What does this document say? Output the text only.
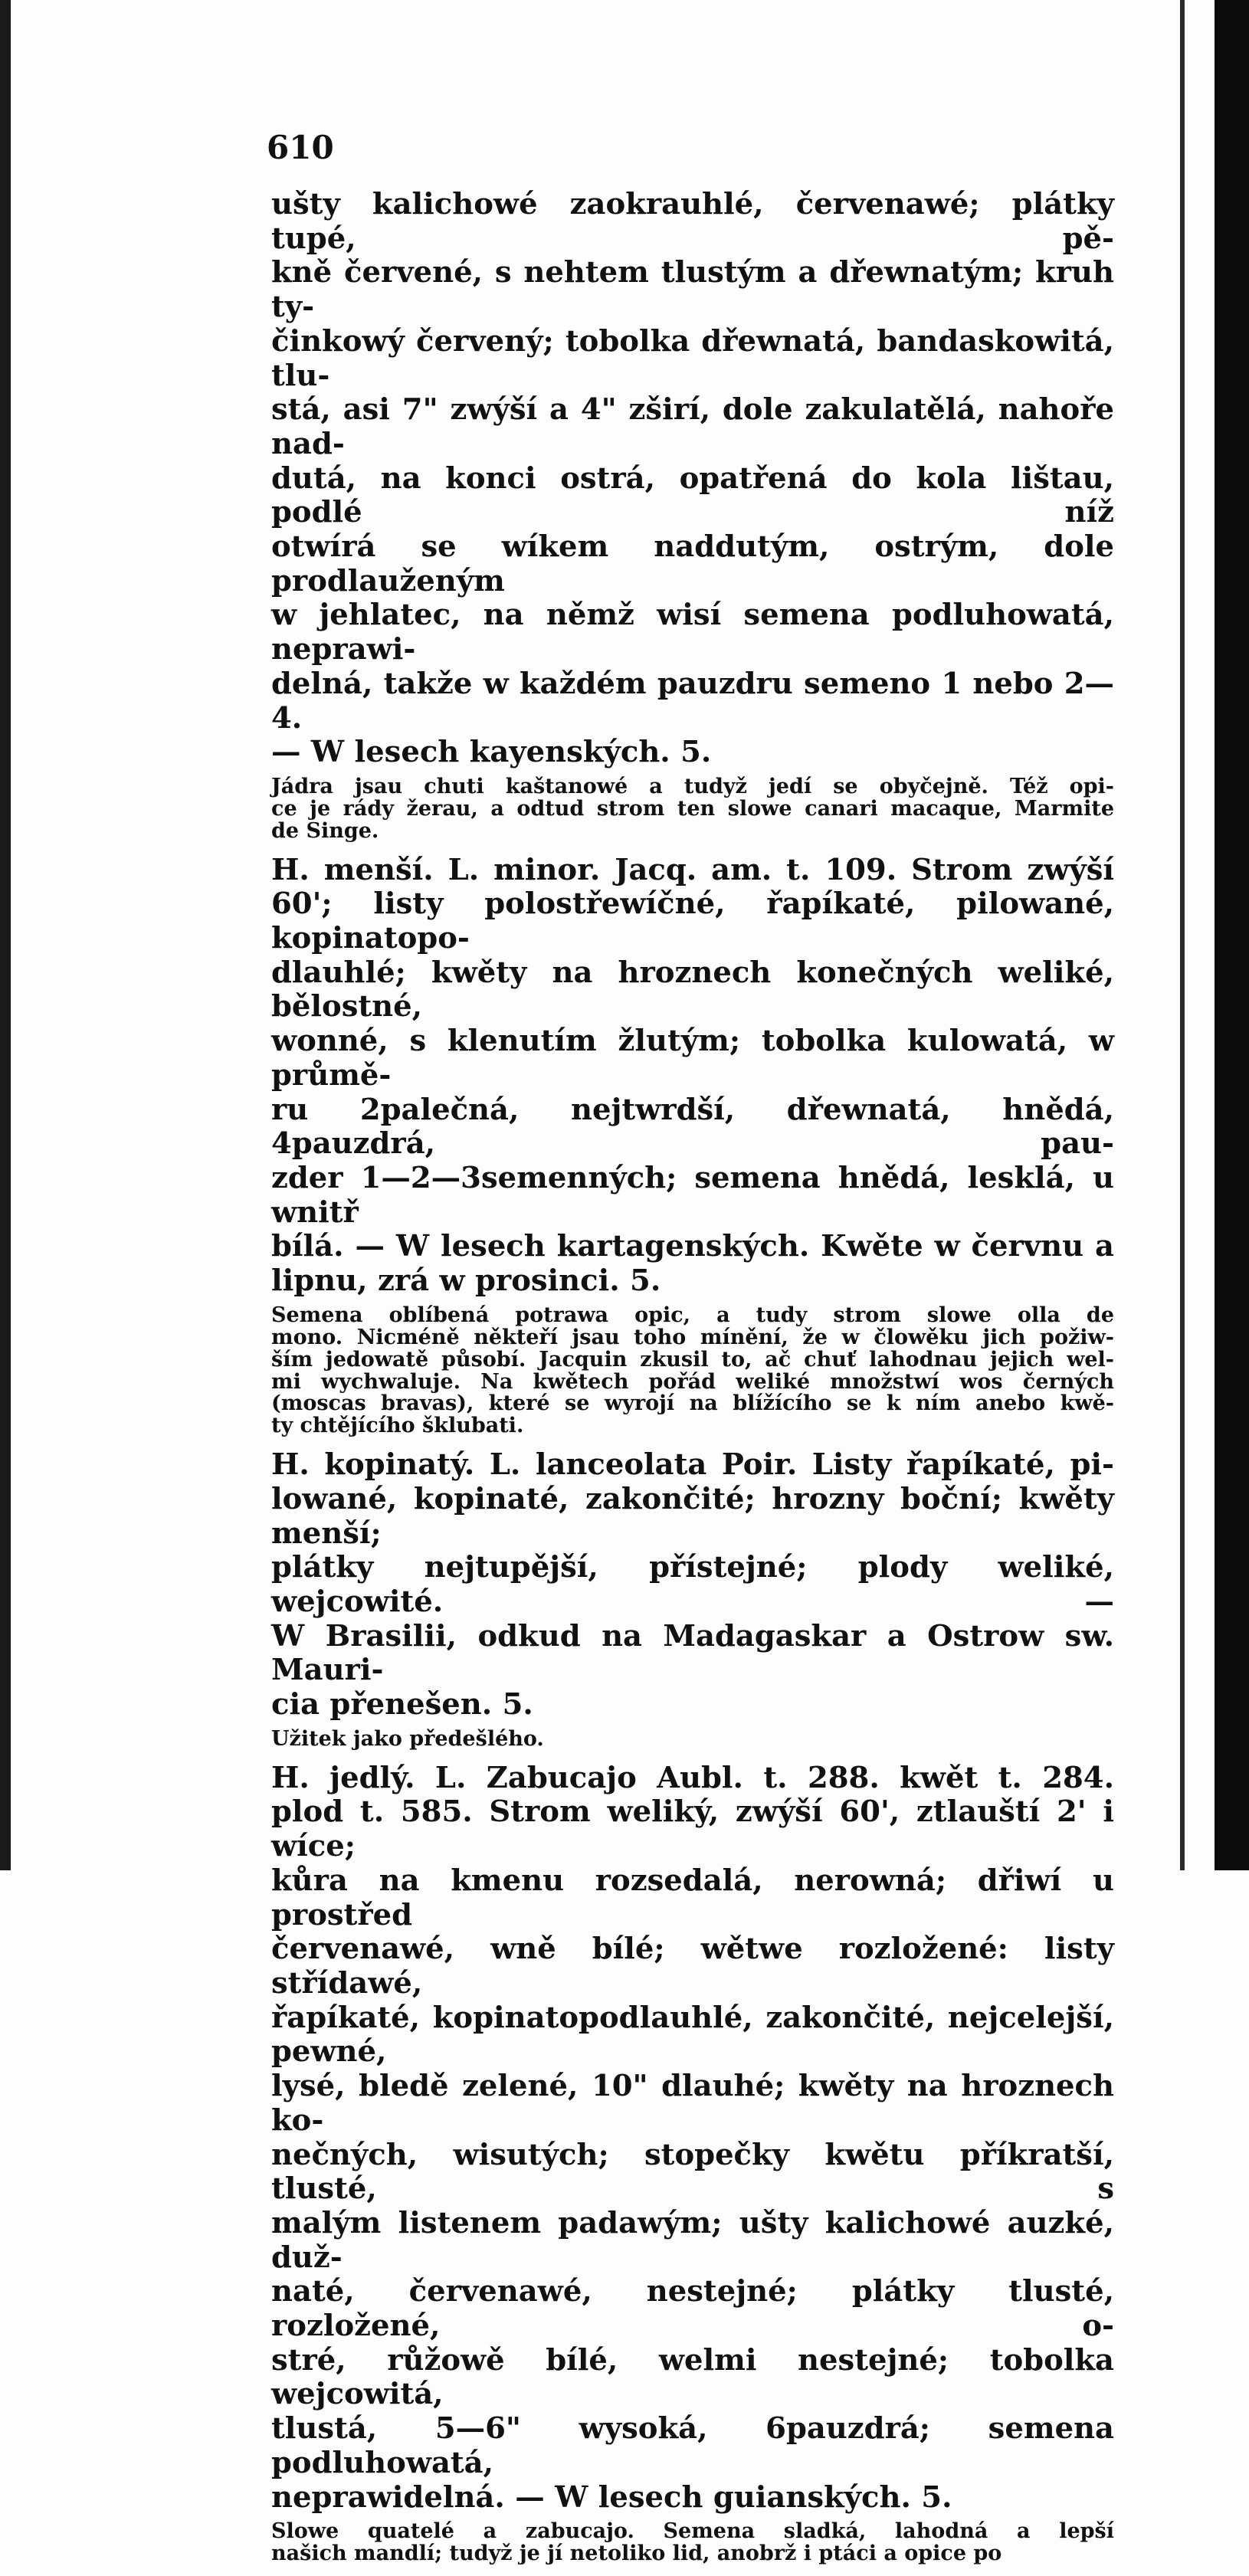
610
ušty kalichowé zaokrauhlé, červenawé; plátky tupé, pě-
kně červené, s nehtem tlustým a dřewnatým; kruh ty-
činkowý červený; tobolka dřewnatá, bandaskowitá, tlu-
stá, asi 7" zwýší a 4" zširí, dole zakulatělá, nahoře nad-
dutá, na konci ostrá, opatřená do kola lištau, podlé níž
otwírá se wíkem naddutým, ostrým, dole prodlauženým
w jehlatec, na němž wisí semena podluhowatá, neprawi-
delná, takže w každém pauzdru semeno 1 nebo 2—4.
— W lesech kayenských. 5.
Jádra jsau chuti kaštanowé a tudyž jedí se obyčejně. Též opi-
ce je rády žerau, a odtud strom ten slowe canari macaque, Marmite
de Singe.
H. menší. L. minor. Jacq. am. t. 109. Strom zwýší
60'; listy polostřewíčné, řapíkaté, pilowané, kopinatopo-
dlauhlé; kwěty na hroznech konečných weliké, bělostné,
wonné, s klenutím žlutým; tobolka kulowatá, w průmě-
ru 2palečná, nejtwrdší, dřewnatá, hnědá, 4pauzdrá, pau-
zder 1—2—3semenných; semena hnědá, lesklá, u wnitř
bílá. — W lesech kartagenských. Kwěte w červnu a
lipnu, zrá w prosinci. 5.
Semena oblíbená potrawa opic, a tudy strom slowe olla de
mono. Nicméně někteří jsau toho mínění, že w člowěku jich požiw-
ším jedowatě působí. Jacquin zkusil to, ač chuť lahodnau jejich wel-
mi wychwaluje. Na kwětech pořád weliké množstwí wos černých
(moscas bravas), které se wyrojí na blížícího se k ním anebo kwě-
ty chtějícího šklubati.
H. kopinatý. L. lanceolata Poir. Listy řapíkaté, pi-
lowané, kopinaté, zakončité; hrozny boční; kwěty menší;
plátky nejtupější, přístejné; plody weliké, wejcowité. —
W Brasilii, odkud na Madagaskar a Ostrow sw. Mauri-
cia přenešen. 5.
Užitek jako předešlého.
H. jedlý. L. Zabucajo Aubl. t. 288. kwět t. 284.
plod t. 585. Strom weliký, zwýší 60', ztlauští 2' i wíce;
kůra na kmenu rozsedalá, nerowná; dřiwí u prostřed
červenawé, wně bílé; wětwe rozložené: listy střídawé,
řapíkaté, kopinatopodlauhlé, zakončité, nejcelejší, pewné,
lysé, bledě zelené, 10" dlauhé; kwěty na hroznech ko-
nečných, wisutých; stopečky kwětu příkratší, tlusté, s
malým listenem padawým; ušty kalichowé auzké, duž-
naté, červenawé, nestejné; plátky tlusté, rozložené, o-
stré, růžowě bílé, welmi nestejné; tobolka wejcowitá,
tlustá, 5—6" wysoká, 6pauzdrá; semena podluhowatá,
neprawidelná. — W lesech guianských. 5.
Slowe quatelé a zabucajo. Semena sladká, lahodná a lepší
našich mandlí; tudyž je jí netoliko lid, anobrž i ptáci a opice po
